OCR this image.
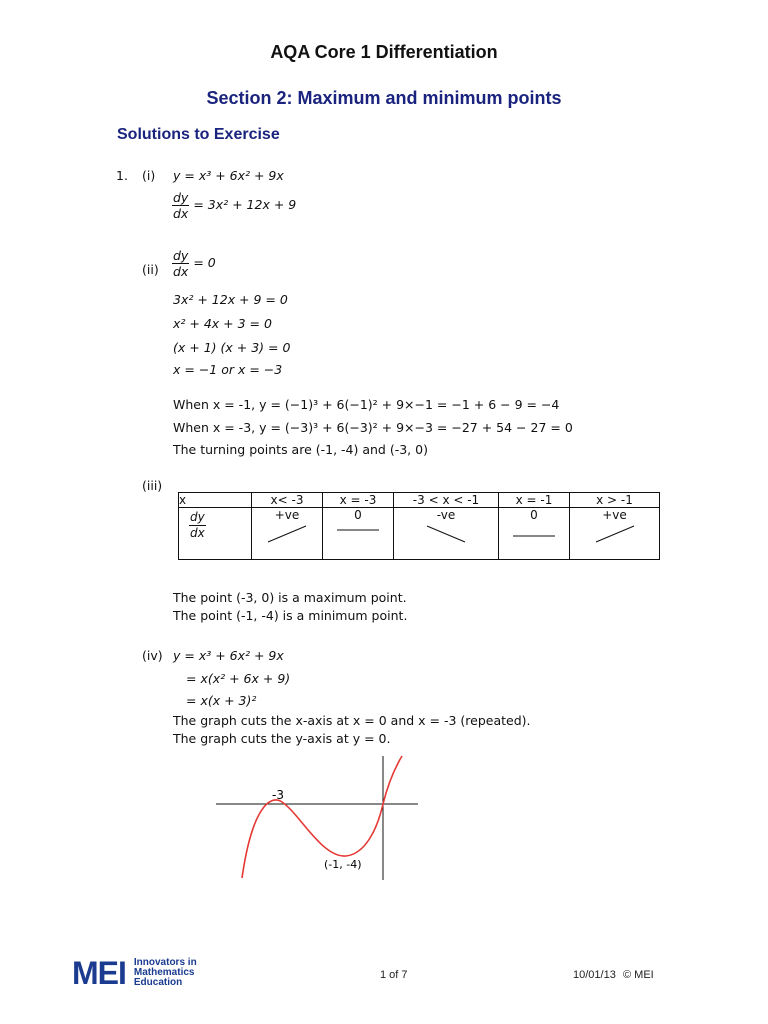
AQA Core 1 Differentiation
Section 2: Maximum and minimum points
Solutions to Exercise
1. (i) y = x³ + 6x² + 9x
$\frac{dy}{dx} = 3x^2 + 12x + 9$
$(ii) \frac{dy}{dx} = 0$
3x² + 12x + 9 = 0
x² + 4x + 3 = 0
(x + 1) (x + 3) = 0
x = −1 or x = −3
When x = -1, y = (−1)³ + 6(−1)² + 9×−1 = −1 + 6 − 9 = −4
When x = -3, y = (−3)³ + 6(−3)² + 9×−3 = −27 + 54 − 27 = 0
The turning points are (-1, -4) and (-3, 0)
(iii)
x	x< -3	x = -3	-3 < x < -1	x = -1	x > -1

$\frac{dy}{dx}$	+ve	0	-ve	0	+ve
The point (-3, 0) is a maximum point.
The point (-1, -4) is a minimum point.
(iv) y = x³ + 6x² + 9x
= x(x² + 6x + 9)
= x(x + 3)²
The graph cuts the x-axis at x = 0 and x = -3 (repeated).
The graph cuts the y-axis at y = 0.
-3
(-1, -4)
MEI Innovators in
Mathematics
Education
1 of 7	10/01/13 © MEI
